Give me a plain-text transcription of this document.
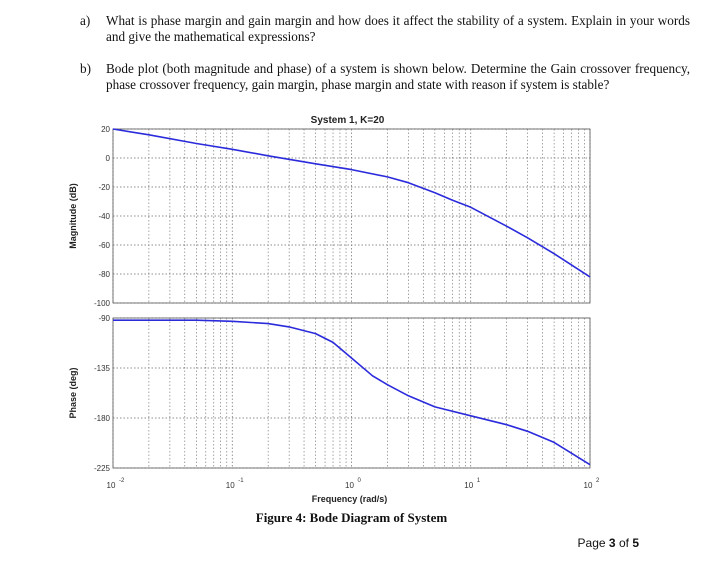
a) What is phase margin and gain margin and how does it affect the stability of a system. Explain in your words and give the mathematical expressions?
b) Bode plot (both magnitude and phase) of a system is shown below. Determine the Gain crossover frequency, phase crossover frequency, gain margin, phase margin and state with reason if system is stable?
System 1, K=20
20
0
-20
-40
-60
-80
-100
Magnitude (dB)
-90
-135
-180
-225
Phase (deg)
10 -2	10 -1	10 0	10 1	10 2
Frequency (rad/s)
Figure 4: Bode Diagram of System
Page 3 of 5
